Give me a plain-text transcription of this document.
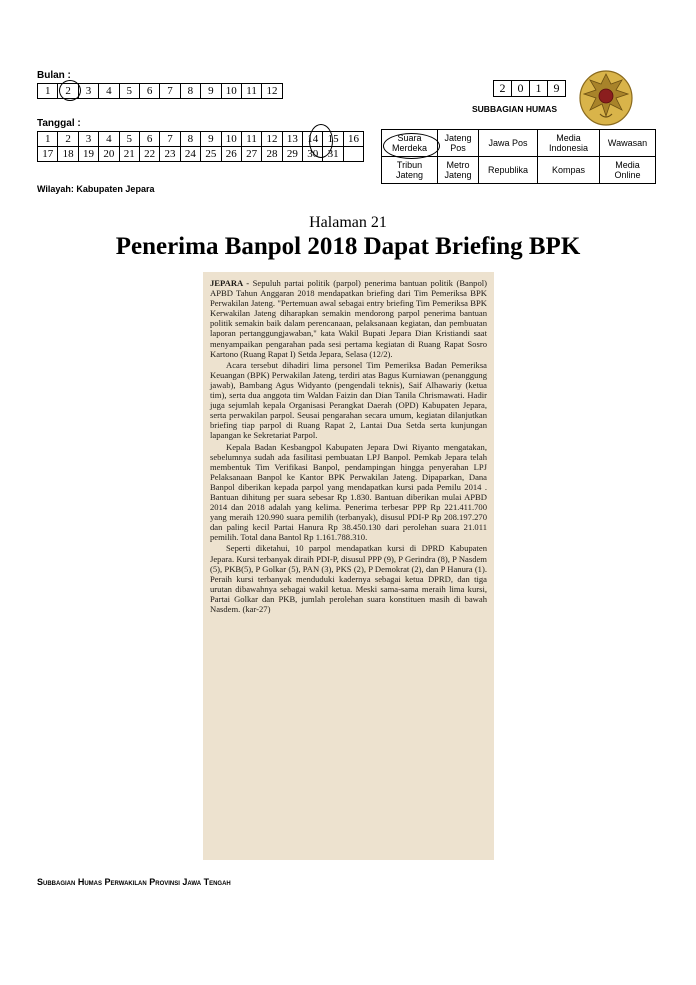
Bulan :
1	2	3	4	5	6	7	8	9	10	11	12
Tanggal :
1	2	3	4	5	6	7	8	9	10	11	12	13	14	15	16
17	18	19	20	21	22	23	24	25	26	27	28	29	30	31	
Wilayah: Kabupaten Jepara
2	0	1	9
SUBBAGIAN HUMAS
Suara Merdeka	Jateng Pos	Jawa Pos	Media Indonesia	Wawasan
Tribun Jateng	Metro Jateng	Republika	Kompas	Media Online
Halaman 21
Penerima Banpol 2018 Dapat Briefing BPK

JEPARA - Sepuluh partai politik (parpol) penerima bantuan politik (Banpol) APBD Tahun Anggaran 2018 mendapatkan briefing dari Tim Pemeriksa BPK Perwakilan Jateng. "Pertemuan awal sebagai entry briefing Tim Pemeriksa BPK Kerwakilan Jateng diharapkan semakin mendorong parpol penerima bantuan politik semakin baik dalam perencanaan, pelaksanaan kegiatan, dan pembuatan laporan pertanggungjawaban," kata Wakil Bupati Jepara Dian Kristiandi saat menyampaikan pengarahan pada sesi pertama kegiatan di Ruang Rapat Sosro Kartono (Ruang Rapat I) Setda Jepara, Selasa (12/2).

Acara tersebut dihadiri lima personel Tim Pemeriksa Badan Pemeriksa Keuangan (BPK) Perwakilan Jateng, terdiri atas Bagus Kurniawan (penanggung jawab), Bambang Agus Widyanto (pengendali teknis), Saif Alhawariy (ketua tim), serta dua anggota tim Waldan Faizin dan Dian Tanila Chrismawati. Hadir juga sejumlah kepala Organisasi Perangkat Daerah (OPD) Kabupaten Jepara, serta perwakilan parpol. Seusai pengarahan secara umum, kegiatan dilanjutkan briefing tiap parpol di Ruang Rapat 2, Lantai Dua Setda serta kunjungan lapangan ke Sekretariat Parpol.

Kepala Badan Kesbangpol Kabupaten Jepara Dwi Riyanto mengatakan, sebelumnya sudah ada fasilitasi pembuatan LPJ Banpol. Pemkab Jepara telah membentuk Tim Verifikasi Banpol, pendampingan hingga penyerahan LPJ Pelaksanaan Banpol ke Kantor BPK Perwakilan Jateng. Dipaparkan, Dana Banpol diberikan kepada parpol yang mendapatkan kursi pada Pemilu 2014 . Bantuan dihitung per suara sebesar Rp 1.830. Bantuan diberikan mulai APBD 2014 dan 2018 adalah yang kelima. Penerima terbesar PPP Rp 221.411.700 yang meraih 120.990 suara pemilih (terbanyak), disusul PDI-P Rp 208.197.270 dan paling kecil Partai Hanura Rp 38.450.130 dari perolehan suara 21.011 pemilih. Total dana Bantol Rp 1.161.788.310.

Seperti diketahui, 10 parpol mendapatkan kursi di DPRD Kabupaten Jepara. Kursi terbanyak diraih PDI-P, disusul PPP (9), P Gerindra (8), P Nasdem (5), PKB(5), P Golkar (5), PAN (3), PKS (2), P Demokrat (2), dan P Hanura (1). Peraih kursi terbanyak menduduki kadernya sebagai ketua DPRD, dan tiga urutan dibawahnya sebagai wakil ketua. Meski sama-sama meraih lima kursi, Partai Golkar dan PKB, jumlah perolehan suara konstituen masih di bawah Nasdem. (kar-27)

Subbagian Humas Perwakilan Provinsi Jawa Tengah
